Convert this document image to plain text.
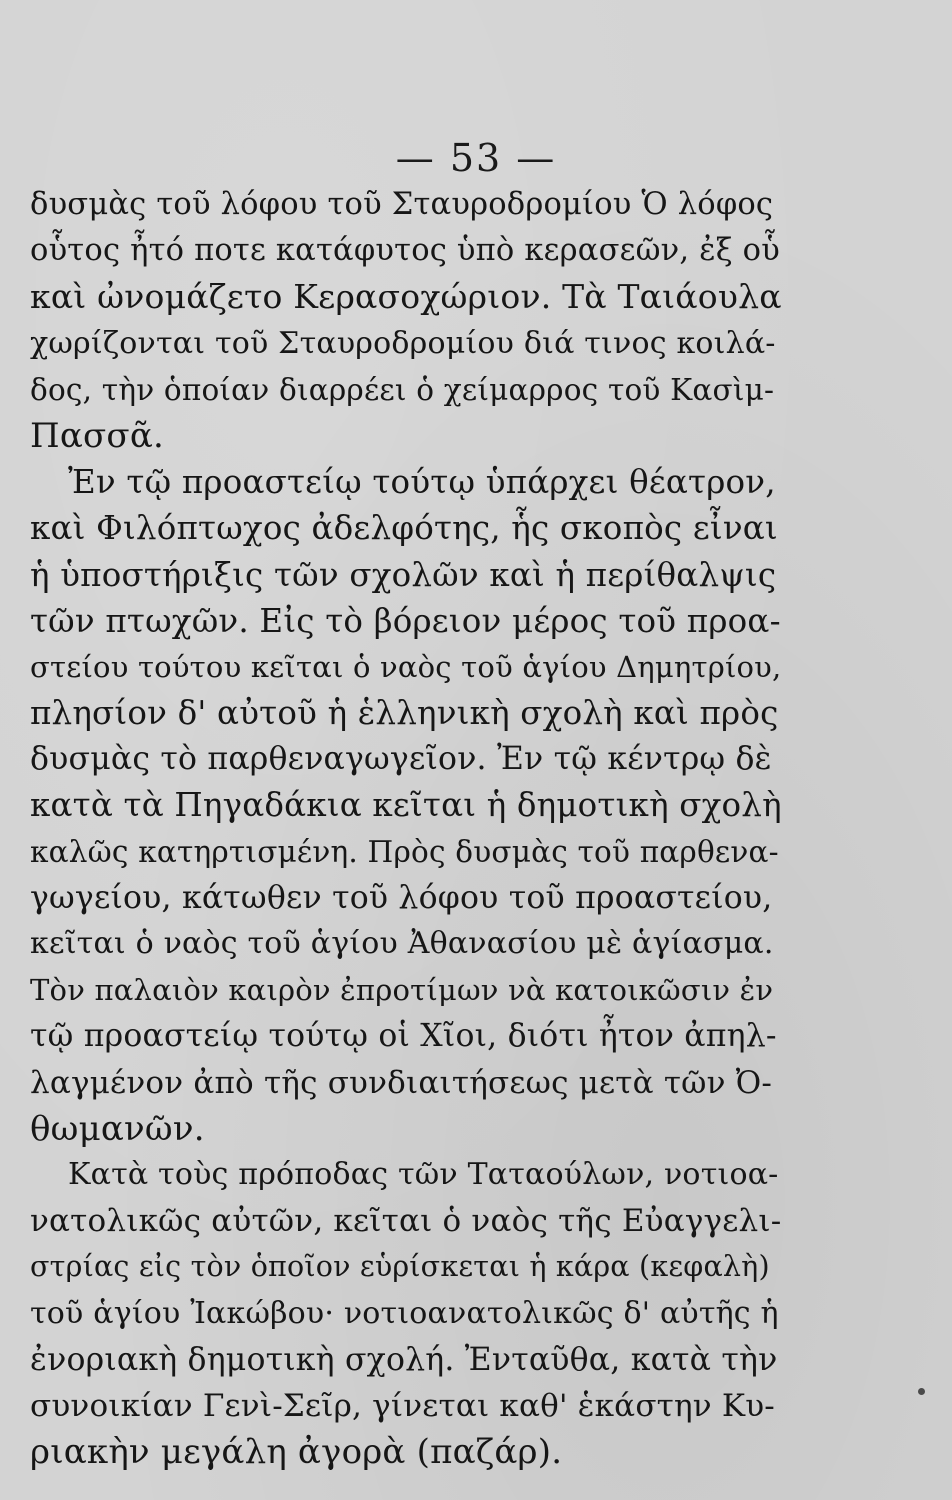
— 53 —
δυσμὰς τοῦ λόφου τοῦ Σταυροδρομίου Ὁ λόφος
οὗτος ἦτό ποτε κατάφυτος ὑπὸ κερασεῶν, ἐξ οὗ
καὶ ὠνομάζετο Κερασοχώριον. Τὰ Ταιάουλα
χωρίζονται τοῦ Σταυροδρομίου διά τινος κοιλά-
δος, τὴν ὁποίαν διαρρέει ὁ χείμαρρος τοῦ Κασὶμ-
Πασσᾶ.
Ἐν τῷ προαστείῳ τούτῳ ὑπάρχει θέατρον,
καὶ Φιλόπτωχος ἀδελφότης, ἧς σκοπὸς εἶναι
ἡ ὑποστήριξις τῶν σχολῶν καὶ ἡ περίθαλψις
τῶν πτωχῶν. Εἰς τὸ βόρειον μέρος τοῦ προα-
στείου τούτου κεῖται ὁ ναὸς τοῦ ἁγίου Δημητρίου,
πλησίον δ' αὐτοῦ ἡ ἑλληνικὴ σχολὴ καὶ πρὸς
δυσμὰς τὸ παρθεναγωγεῖον. Ἐν τῷ κέντρῳ δὲ
κατὰ τὰ Πηγαδάκια κεῖται ἡ δημοτικὴ σχολὴ
καλῶς κατηρτισμένη. Πρὸς δυσμὰς τοῦ παρθενα-
γωγείου, κάτωθεν τοῦ λόφου τοῦ προαστείου,
κεῖται ὁ ναὸς τοῦ ἁγίου Ἀθανασίου μὲ ἁγίασμα.
Τὸν παλαιὸν καιρὸν ἐπροτίμων νὰ κατοικῶσιν ἐν
τῷ προαστείῳ τούτῳ οἱ Χῖοι, διότι ἦτον ἀπηλ-
λαγμένον ἀπὸ τῆς συνδιαιτήσεως μετὰ τῶν Ὀ-
θωμανῶν.
Κατὰ τοὺς πρόποδας τῶν Ταταούλων, νοτιοα-
νατολικῶς αὐτῶν, κεῖται ὁ ναὸς τῆς Εὐαγγελι-
στρίας εἰς τὸν ὁποῖον εὑρίσκεται ἡ κάρα (κεφαλὴ)
τοῦ ἁγίου Ἰακώβου· νοτιοανατολικῶς δ' αὐτῆς ἡ
ἐνοριακὴ δημοτικὴ σχολή. Ἐνταῦθα, κατὰ τὴν
συνοικίαν Γενὶ-Σεῖρ, γίνεται καθ' ἑκάστην Κυ-
ριακὴν μεγάλη ἀγορὰ (παζάρ).
